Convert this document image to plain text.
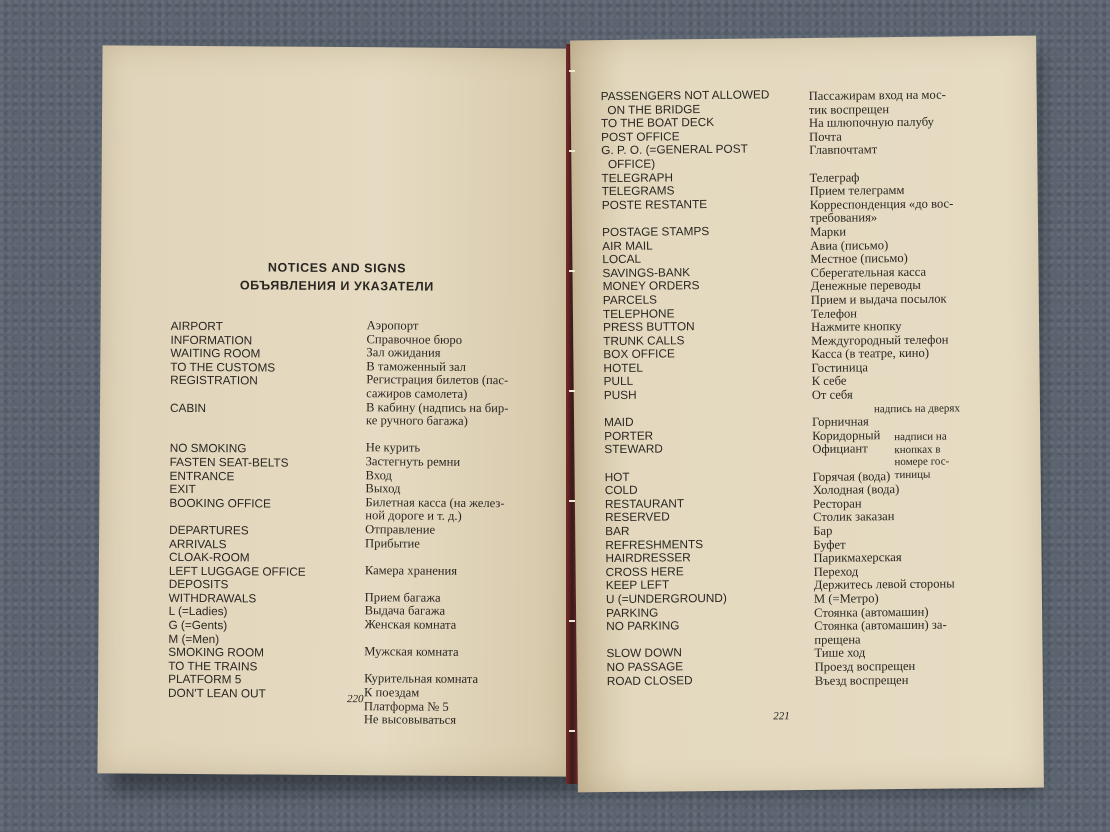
NOTICES AND SIGNS
ОБЪЯВЛЕНИЯ И УКАЗАТЕЛИ
AIRPORT
INFORMATION
WAITING ROOM
TO THE CUSTOMS
REGISTRATION

CABIN

NO SMOKING
FASTEN SEAT-BELTS
ENTRANCE
EXIT
BOOKING OFFICE

DEPARTURES
ARRIVALS
CLOAK-ROOM
LEFT LUGGAGE OFFICE
DEPOSITS
WITHDRAWALS
L (=Ladies)
G (=Gents)
M (=Men)
SMOKING ROOM
TO THE TRAINS
PLATFORM 5
DON'T LEAN OUT
Аэропорт
Справочное бюро
Зал ожидания
В таможенный зал
Регистрация билетов (пас-
сажиров самолета)
В кабину (надпись на бир-
ке ручного багажа)

Не курить
Застегнуть ремни
Вход
Выход
Билетная касса (на желез-
ной дороге и т. д.)
Отправление
Прибытие

Камера хранения

Прием багажа
Выдача багажа
Женская комната

Мужская комната

Курительная комната
К поездам
Платформа № 5
Не высовываться
220
PASSENGERS NOT ALLOWED
ON THE BRIDGE
TO THE BOAT DECK
POST OFFICE
G. P. O. (=GENERAL POST
OFFICE)
TELEGRAPH
TELEGRAMS
POSTE RESTANTE

POSTAGE STAMPS
AIR MAIL
LOCAL
SAVINGS-BANK
MONEY ORDERS
PARCELS
TELEPHONE
PRESS BUTTON
TRUNK CALLS
BOX OFFICE
HOTEL
PULL
PUSH

MAID
PORTER
STEWARD

HOT
COLD
RESTAURANT
RESERVED
BAR
REFRESHMENTS
HAIRDRESSER
CROSS HERE
KEEP LEFT
U (=UNDERGROUND)
PARKING
NO PARKING

SLOW DOWN
NO PASSAGE
ROAD CLOSED
Пассажирам вход на мос-
тик воспрещен
На шлюпочную палубу
Почта
Главпочтамт

Телеграф
Прием телеграмм
Корреспонденция «до вос-
требования»
Марки
Авиа (письмо)
Местное (письмо)
Сберегательная касса
Денежные переводы
Прием и выдача посылок
Телефон
Нажмите кнопку
Междугородный телефон
Касса (в театре, кино)
Гостиница
К себе
От себя

Горничная
Коридорный
Официант

Горячая (вода)
Холодная (вода)
Ресторан
Столик заказан
Бар
Буфет
Парикмахерская
Переход
Держитесь левой стороны
М (=Метро)
Стоянка (автомашин)
Стоянка (автомашин) за-
прещена
Тише ход
Проезд воспрещен
Въезд воспрещен
надпись на дверях
надписи на
кнопках в
номере гос-
тиницы
221
